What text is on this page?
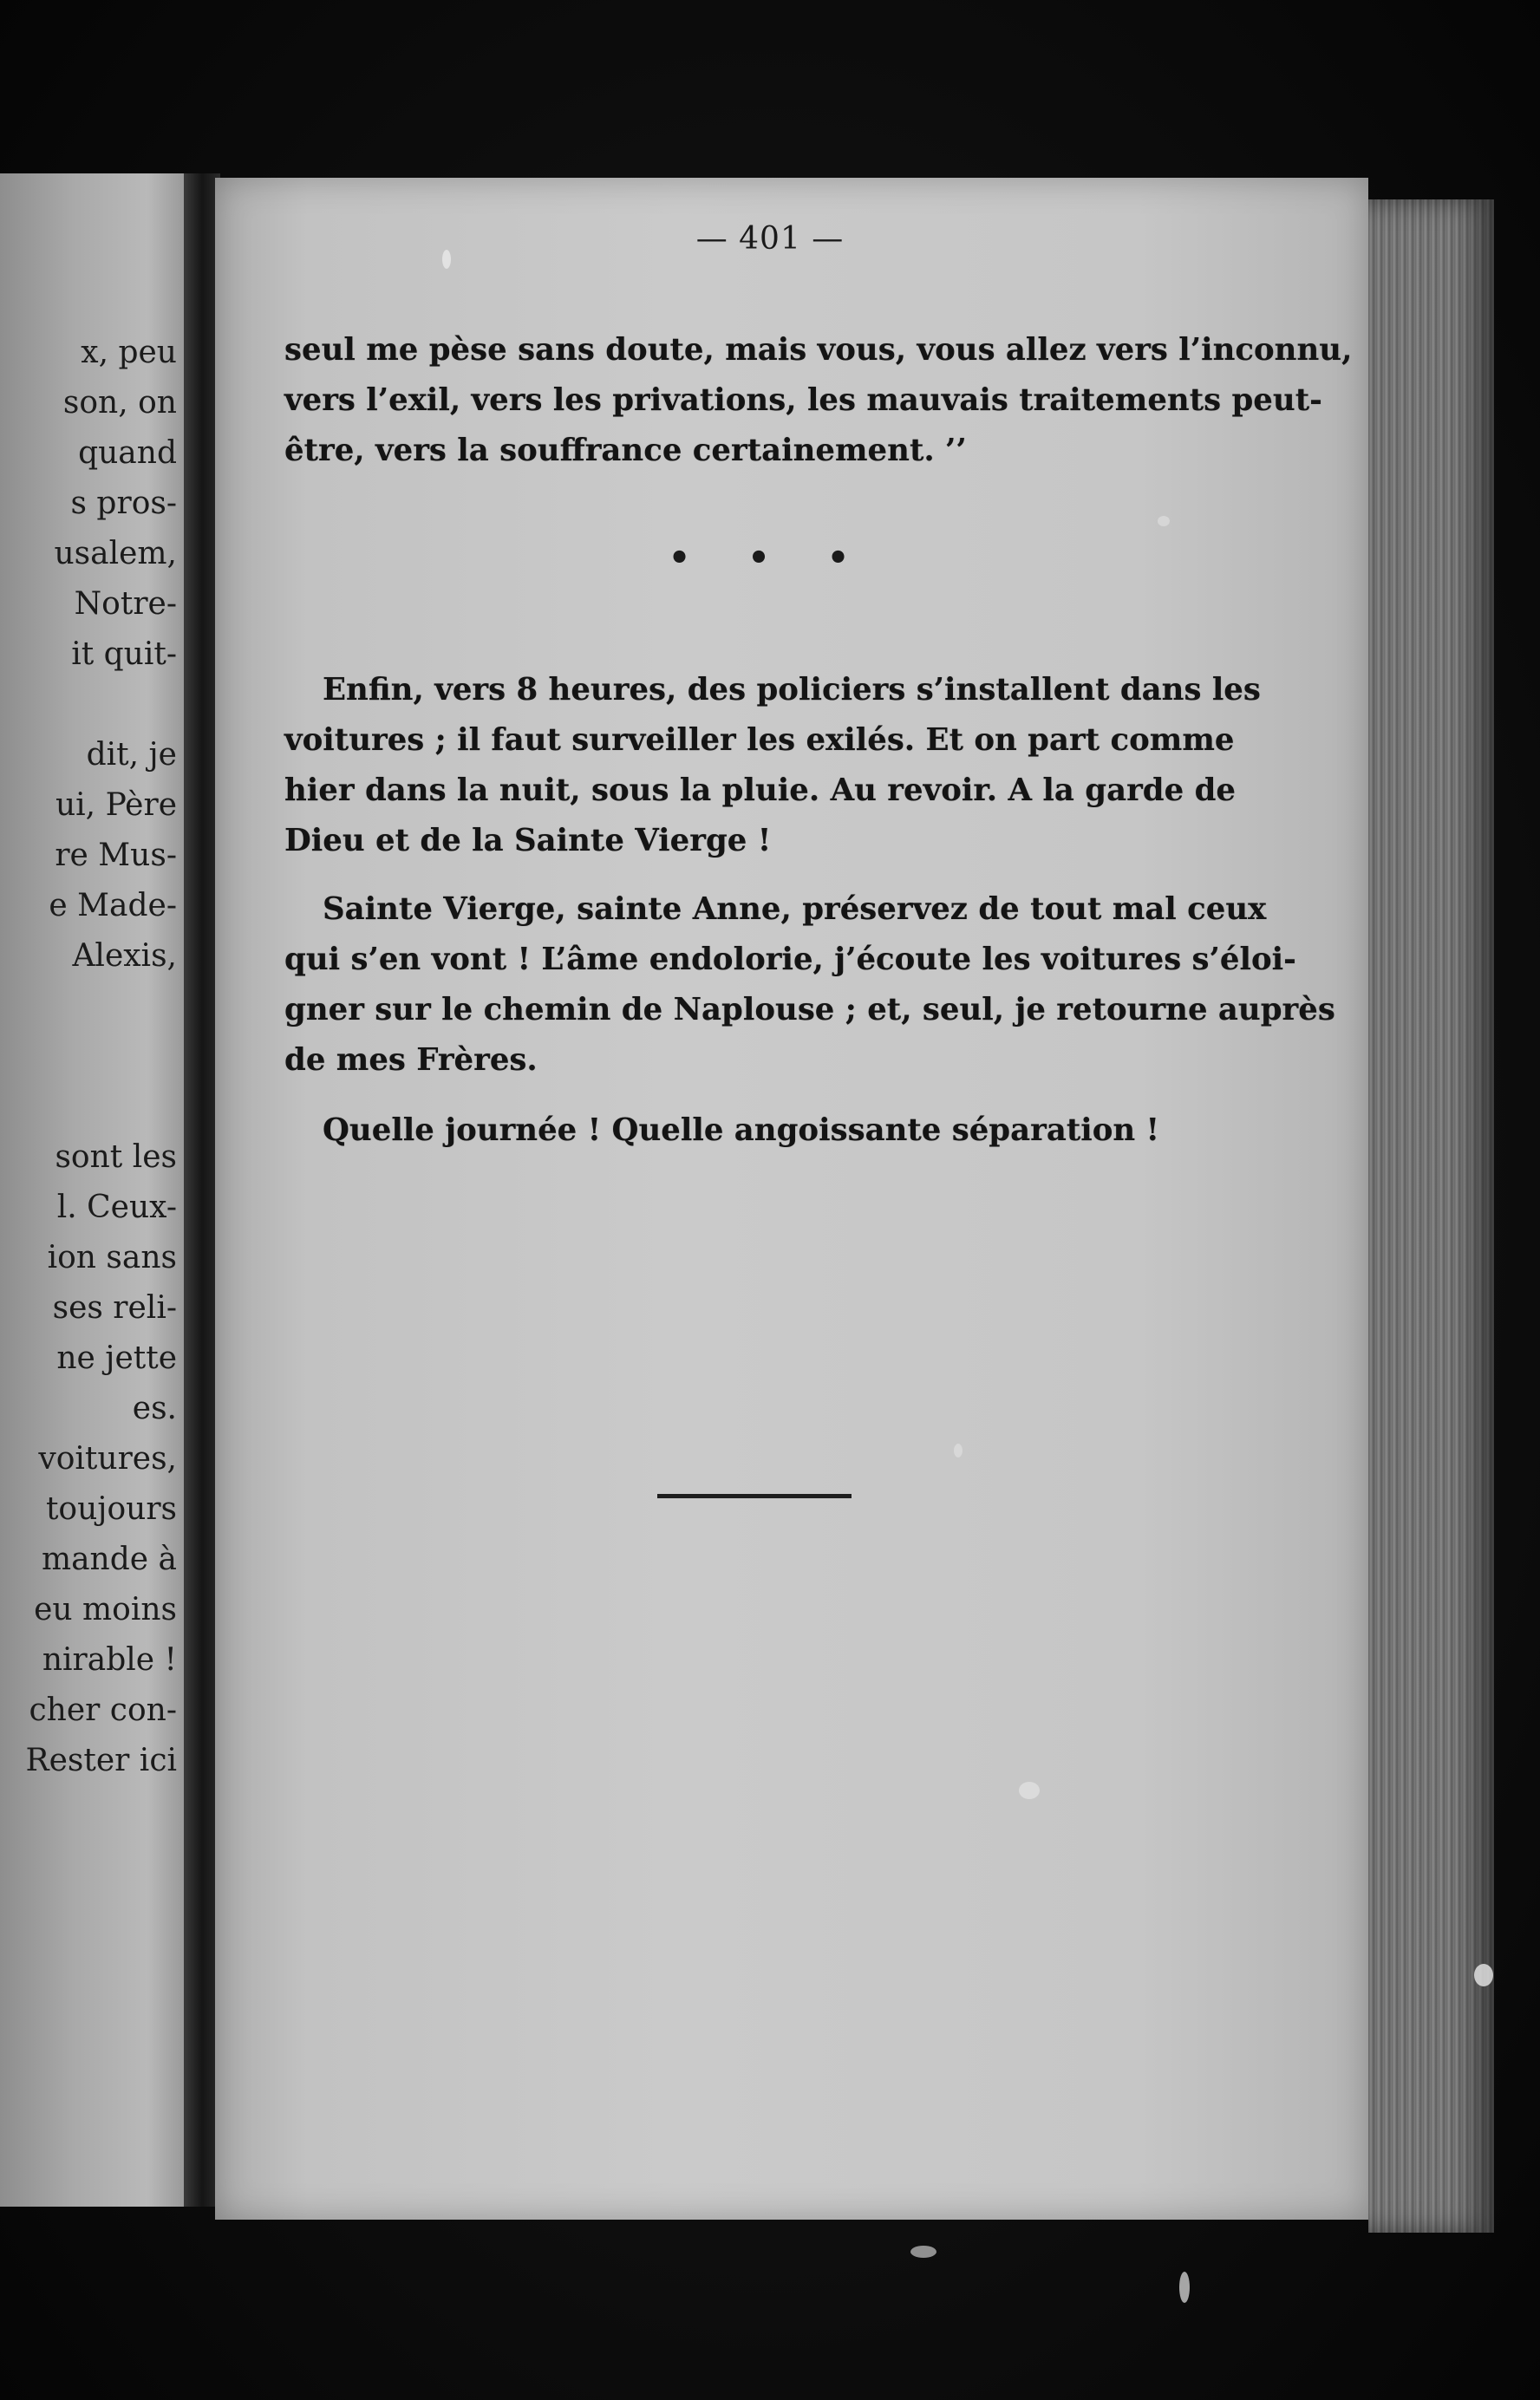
x, peu
son, on
quand
s pros-
usalem,
Notre-
it quit-
dit, je
ui, Père
re Mus-
e Made-
Alexis,
sont les
l. Ceux-
ion sans
ses reli-
ne jette
es.
voitures,
toujours
mande à
eu moins
nirable !
cher con-
Rester ici
— 401 —
seul me pèse sans doute, mais vous, vous allez vers l’inconnu,
vers l’exil, vers les privations, les mauvais traitements peut-
être, vers la souffrance certainement. ’’
• • •
Enfin, vers 8 heures, des policiers s’installent dans les
voitures ; il faut surveiller les exilés. Et on part comme
hier dans la nuit, sous la pluie. Au revoir. A la garde de
Dieu et de la Sainte Vierge !
Sainte Vierge, sainte Anne, préservez de tout mal ceux
qui s’en vont ! L’âme endolorie, j’écoute les voitures s’éloi-
gner sur le chemin de Naplouse ; et, seul, je retourne auprès
de mes Frères.
Quelle journée ! Quelle angoissante séparation !
